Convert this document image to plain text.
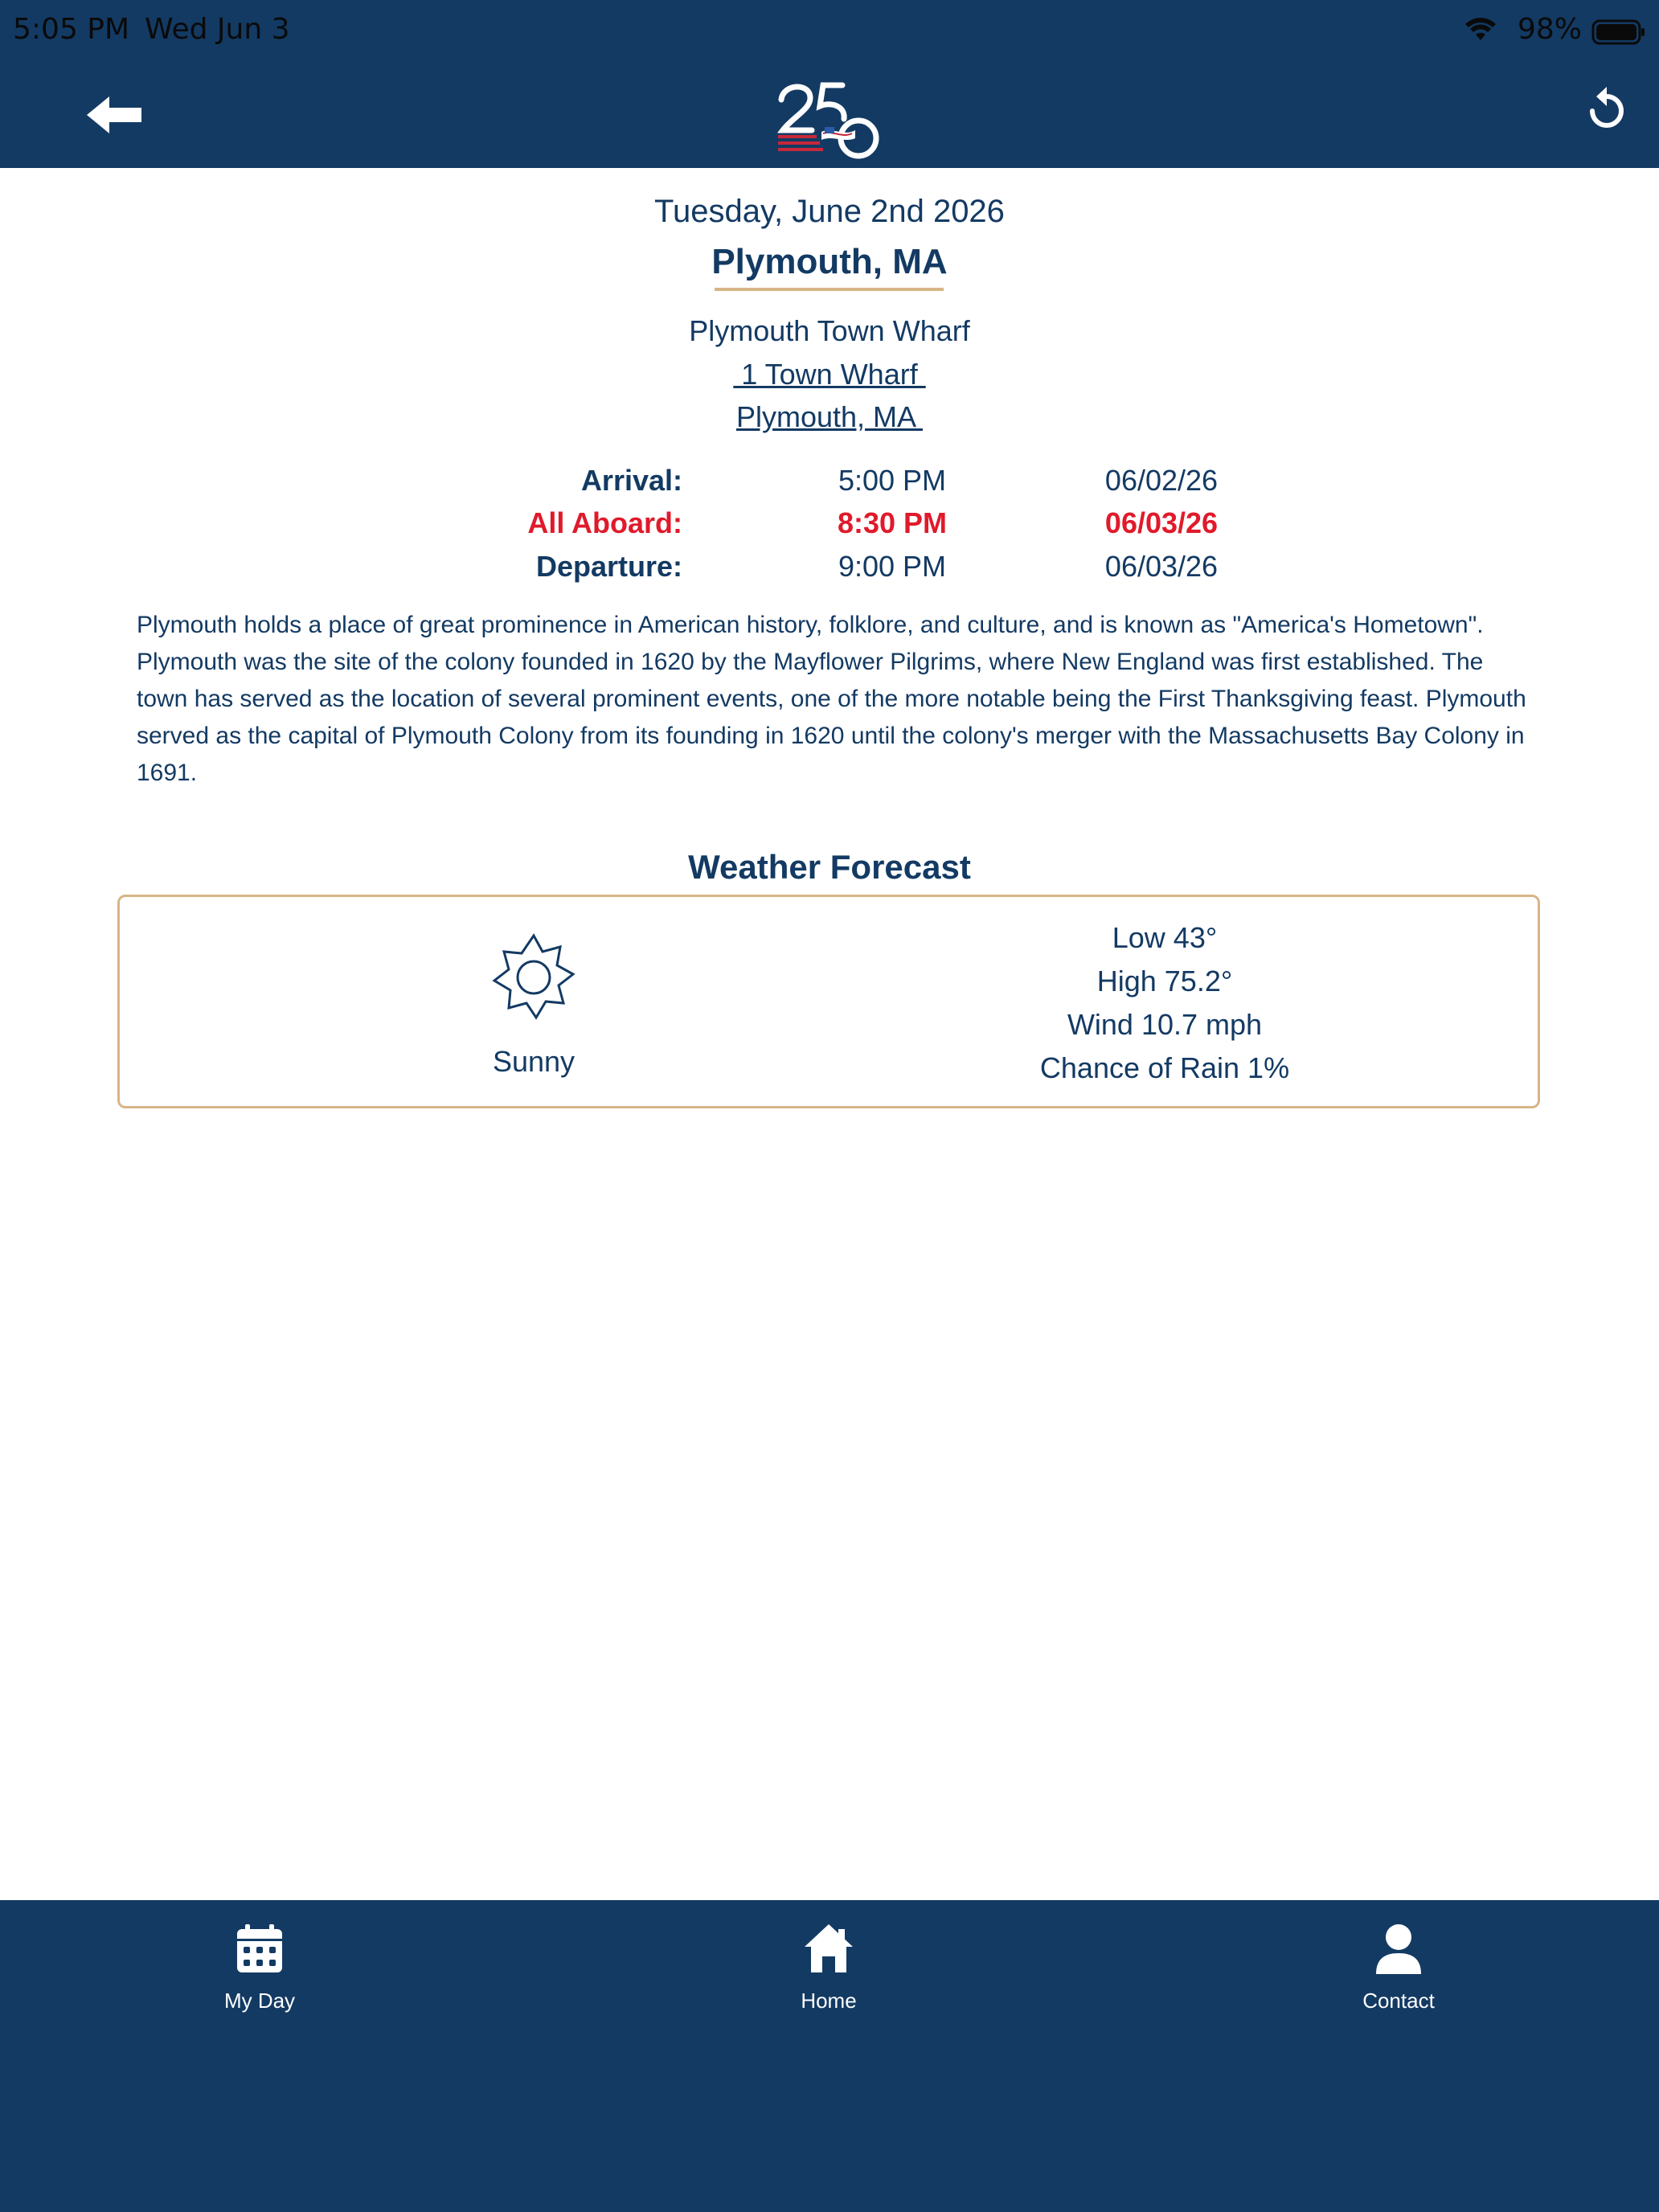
5:05 PM Wed Jun 3	98%
Tuesday, June 2nd 2026
Plymouth, MA
Plymouth Town Wharf
1 Town Wharf
Plymouth, MA
Arrival:	5:00 PM	06/02/26
All Aboard:	8:30 PM	06/03/26
Departure:	9:00 PM	06/03/26
Plymouth holds a place of great prominence in American history, folklore, and culture, and is known as "America's Hometown". Plymouth was the site of the colony founded in 1620 by the Mayflower Pilgrims, where New England was first established. The town has served as the location of several prominent events, one of the more notable being the First Thanksgiving feast. Plymouth served as the capital of Plymouth Colony from its founding in 1620 until the colony's merger with the Massachusetts Bay Colony in 1691.
Weather Forecast
Sunny
Low 43°
High 75.2°
Wind 10.7 mph
Chance of Rain 1%
My Day	Home	Contact
